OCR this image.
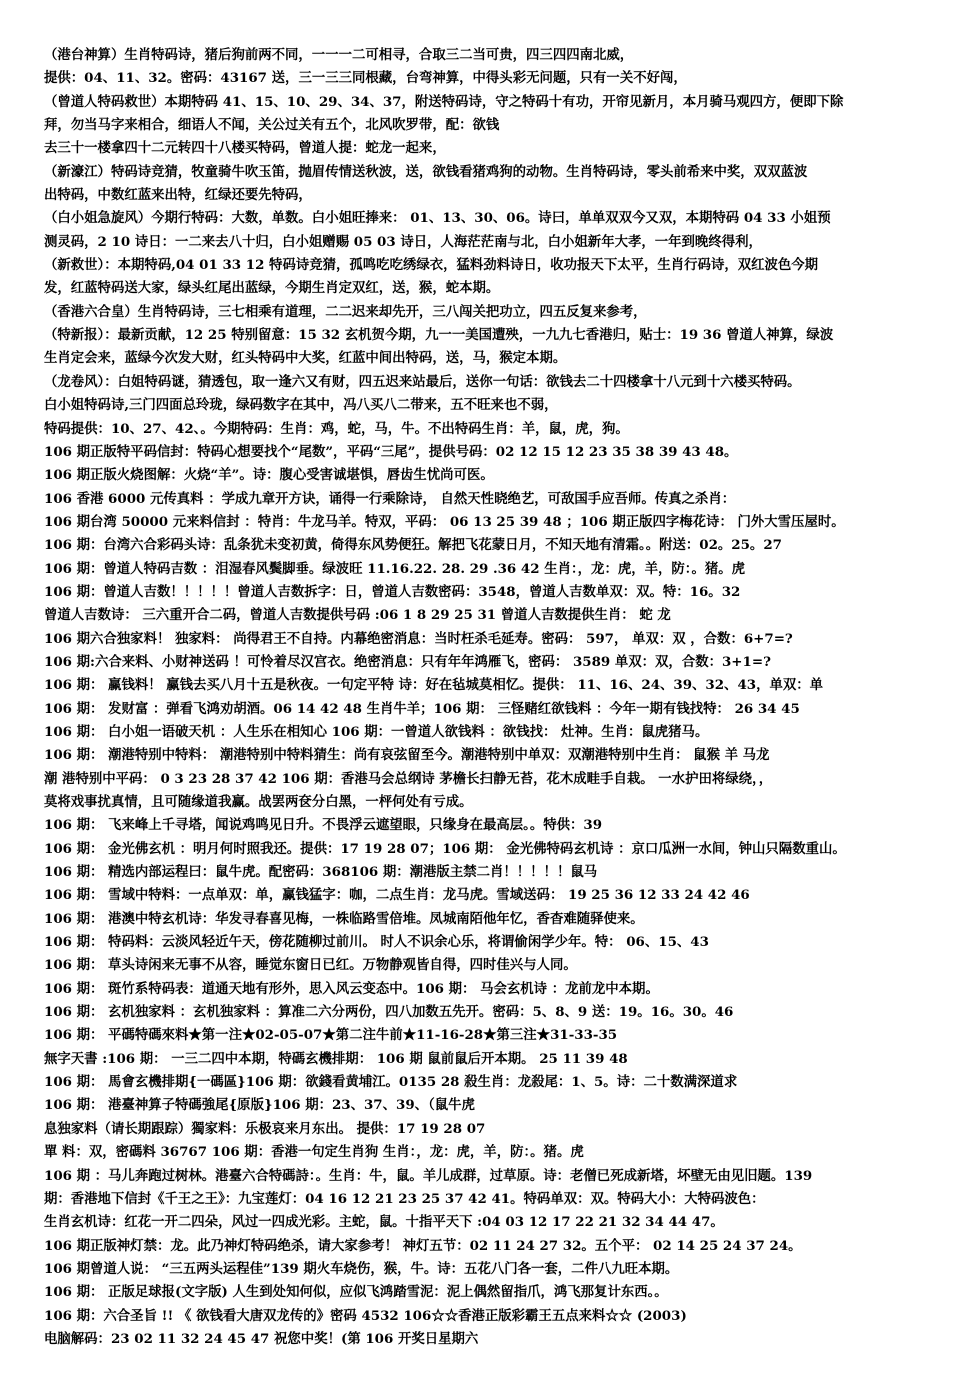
（港台神算）生肖特码诗，猪后狗前两不同，一一一二可相寻，合取三二当可贵，四三四四南北威，
提供：04、11、32。密码：43167 送，三一三三同根藏，台弯神算，中得头彩无问题，只有一关不好闯，
（曾道人特码救世）本期特码 41、15、10、29、34、37，附送特码诗，守之特码十有功，开帘见新月，本月骑马观四方，便即下除
拜，勿当马字来相合，细语人不闻，关公过关有五个，北风吹罗带，配：欲钱
去三十一楼拿四十二元转四十八楼买特码，曾道人提：蛇龙一起来，
（新濠江）特码诗竞猜，牧童骑牛吹玉笛，抛眉传情送秋波，送，欲钱看猪鸡狗的动物。生肖特码诗，零头前希来中奖，双双蓝波
出特码，中数红蓝来出特，红绿还要先特码，
（白小姐急旋风）今期行特码：大数，单数。白小姐旺捧来： 01、13、30、06。诗曰，单单双双今又双，本期特码 04 33 小姐预
测灵码，2 10 诗日：一二来去八十归，白小姐赠赐 05 03 诗日，人海茫茫南与北，白小姐新年大孝，一年到晚终得利，
（新救世）：本期特码,04 01 33 12 特码诗竞猜，孤鸣吃吃绣绿衣，猛料劲料诗日，收功报天下太平，生肖行码诗，双红波色今期
发，红蓝特码送大家，绿头红尾出蓝绿，今期生肖定双红，送，猴，蛇本期。
（香港六合皇）生肖特码诗，三七相乘有道理，二二迟来却先开，三八闯关把功立，四五反复来参考，
（特新报）：最新贡献，12 25 特别留意：15 32 玄机贺今期，九一一美国遭殃，一九九七香港归，贴士：19 36 曾道人神算，绿波
生肖定会来，蓝绿今次发大财，红头特码中大奖，红蓝中间出特码，送，马，猴定本期。
（龙卷风）：白姐特码谜，猜透包，取一逢六又有财，四五迟来站最后，送你一句话：欲钱去二十四楼拿十八元到十六楼买特码。
白小姐特码诗,三门四面总玲珑，绿码数字在其中，冯八买八二带来，五不旺来也不弱，
特码提供：10、27、42、。今期特码：生肖：鸡，蛇，马，牛。不出特码生肖：羊，鼠，虎，狗。
106 期正版特平码信封：特码心想要找个“尾数”，平码“三尾”，提供号码：02 12 15 12 23 35 38 39 43 48。
106 期正版火烧图解：火烧“羊”。诗：腹心受害诚堪惧，唇齿生忧尚可医。
106 香港 6000 元传真料 ：学成九章开方诀，诵得一行乘除诗， 自然天性晓绝艺，可敌国手应吾师。传真之杀肖：
106 期台湾 50000 元来料信封 ：特肖：牛龙马羊。特双，平码： 06 13 25 39 48 ；106 期正版四字梅花诗： 门外大雪压屋时。
106 期：台湾六合彩码头诗：乱条犹未变初黄，倚得东风势便狂。解把飞花蒙日月，不知天地有清霜。。附送：02。25。27
106 期：曾道人特码吉数 ：泪湿春风鬓脚垂。绿波旺 11.16.22. 28. 29 .36 42 生肖：，龙：虎，羊，防：。猪。虎
106 期：曾道人吉数！！！！！曾道人吉数拆字：日，曾道人吉数密码：3548，曾道人吉数单双：双。特：16。32
曾道人吉数诗： 三六重开合二码，曾道人吉数提供号码 :06 1 8 29 25 31 曾道人吉数提供生肖： 蛇 龙
106 期六合独家料！ 独家料： 尚得君王不自持。内幕绝密消息：当时枉杀毛延寿。密码： 597， 单双：双 ，合数：6+7=?
106 期:六合来料、小财神送码 ！可怜着尽汉宫衣。绝密消息：只有年年鸿雁飞，密码： 3589 单双：双，合数：3+1=?
106 期： 赢钱料！ 赢钱去买八月十五是秋夜。一句定平特 诗：好在毡城莫相忆。提供： 11、16、24、39、32、43，单双：单
106 期： 发财富 ：弹看飞鸿劝胡酒。06 14 42 48 生肖牛羊；106 期： 三怪赌红欲钱料 ：今年一期有钱找特： 26 34 45
106 期： 白小姐一语破天机 ：人生乐在相知心 106 期：一曾道人欲钱料 ：欲钱找： 灶神。生肖：鼠虎猪马。
106 期： 潮港特别中特料： 潮港特别中特料猜生：尚有哀弦留至今。潮港特别中单双：双潮港特别中生肖： 鼠猴 羊 马龙
潮 港特别中平码： 0 3 23 28 37 42 106 期：香港马会总纲诗 茅檐长扫静无苔，花木成畦手自栽。 一水护田将绿绕，，
莫将戏事扰真情，且可随缘道我赢。战罢两奁分白黑，一枰何处有亏成。
106 期： 飞来峰上千寻塔，闻说鸡鸣见日升。不畏浮云遮望眼，只缘身在最高层。。特供：39
106 期： 金光佛玄机 ：明月何时照我还。提供：17 19 28 07；106 期： 金光佛特码玄机诗 ：京口瓜洲一水间，钟山只隔数重山。
106 期： 精选内部运程曰：鼠牛虎。配密码：368106 期：潮港版主禁二肖！！！！！鼠马
106 期： 雪域中特料：一点单双：单，赢钱猛字：咖，二点生肖：龙马虎。雪域送码： 19 25 36 12 33 24 42 46
106 期： 港澳中特玄机诗：华发寻春喜见梅，一株临路雪倍堆。凤城南陌他年忆，香杳难随驿使来。
106 期： 特码料：云淡风轻近午天，傍花随柳过前川。 时人不识余心乐，将谓偷闲学少年。特： 06、15、43
106 期： 草头诗闲来无事不从容，睡觉东窗日已红。万物静观皆自得，四时佳兴与人同。
106 期： 斑竹系特码表：道通天地有形外，思入风云变态中。106 期： 马会玄机诗 ：龙前龙中本期。
106 期： 玄机独家料 ：玄机独家料 ：算准二六分两份，四八加数五先开。密码：5、8、9 送：19。16。30。46
106 期： 平碼特碼來料★第一注★02-05-07★第二注牛前★11-16-28★第三注★31-33-35
無字天書 :106 期： 一三二四中本期，特碼玄機排期： 106 期 鼠前鼠后开本期。 25 11 39 48
106 期： 馬會玄機排期{一碼區}106 期：欲錢看黄埔江。0135 28 殺生肖：龙殺尾：1、5。诗：二十数满深道求
106 期： 港臺神算子特碼強尾{原版}106 期：23、37、39、（鼠牛虎
息独家料（请长期跟踪）獨家料：乐极哀来月东出。 提供：17 19 28 07
單 料：双，密碼料 36767 106 期：香港一句定生肖狗 生肖：，龙：虎，羊，防：。猪。虎
106 期 ：马儿奔跑过树林。港臺六合特碼詩：。生肖：牛，鼠。羊儿成群，过草原。诗：老僧已死成新塔，坏壁无由见旧题。139
期：香港地下信封《千王之王》：九宝莲灯：04 16 12 21 23 25 37 42 41。特码单双：双。特码大小：大特码波色：
生肖玄机诗：红花一开二四朵，风过一四成光彩。主蛇，鼠。十指平天下 :04 03 12 17 22 21 32 34 44 47。
106 期正版神灯禁：龙。此乃神灯特码绝杀，请大家参考！ 神灯五节：02 11 24 27 32。五个平： 02 14 25 24 37 24。
106 期曾道人说： “三五两头运程佳”139 期火车烧伤，猴，牛。诗：五花八门各一套，二件八九旺本期。
106 期： 正版足球报(文字版) 人生到处知何似，应似飞鸿踏雪泥：泥上偶然留指爪，鸿飞那复计东西。。
106 期：六合圣旨 !! 《 欲钱看大唐双龙传的》密码 4532 106☆☆香港正版彩霸王五点来料☆☆ (2003)
电脑解码：23 02 11 32 24 45 47 祝您中奖！(第 106 开奖日星期六
